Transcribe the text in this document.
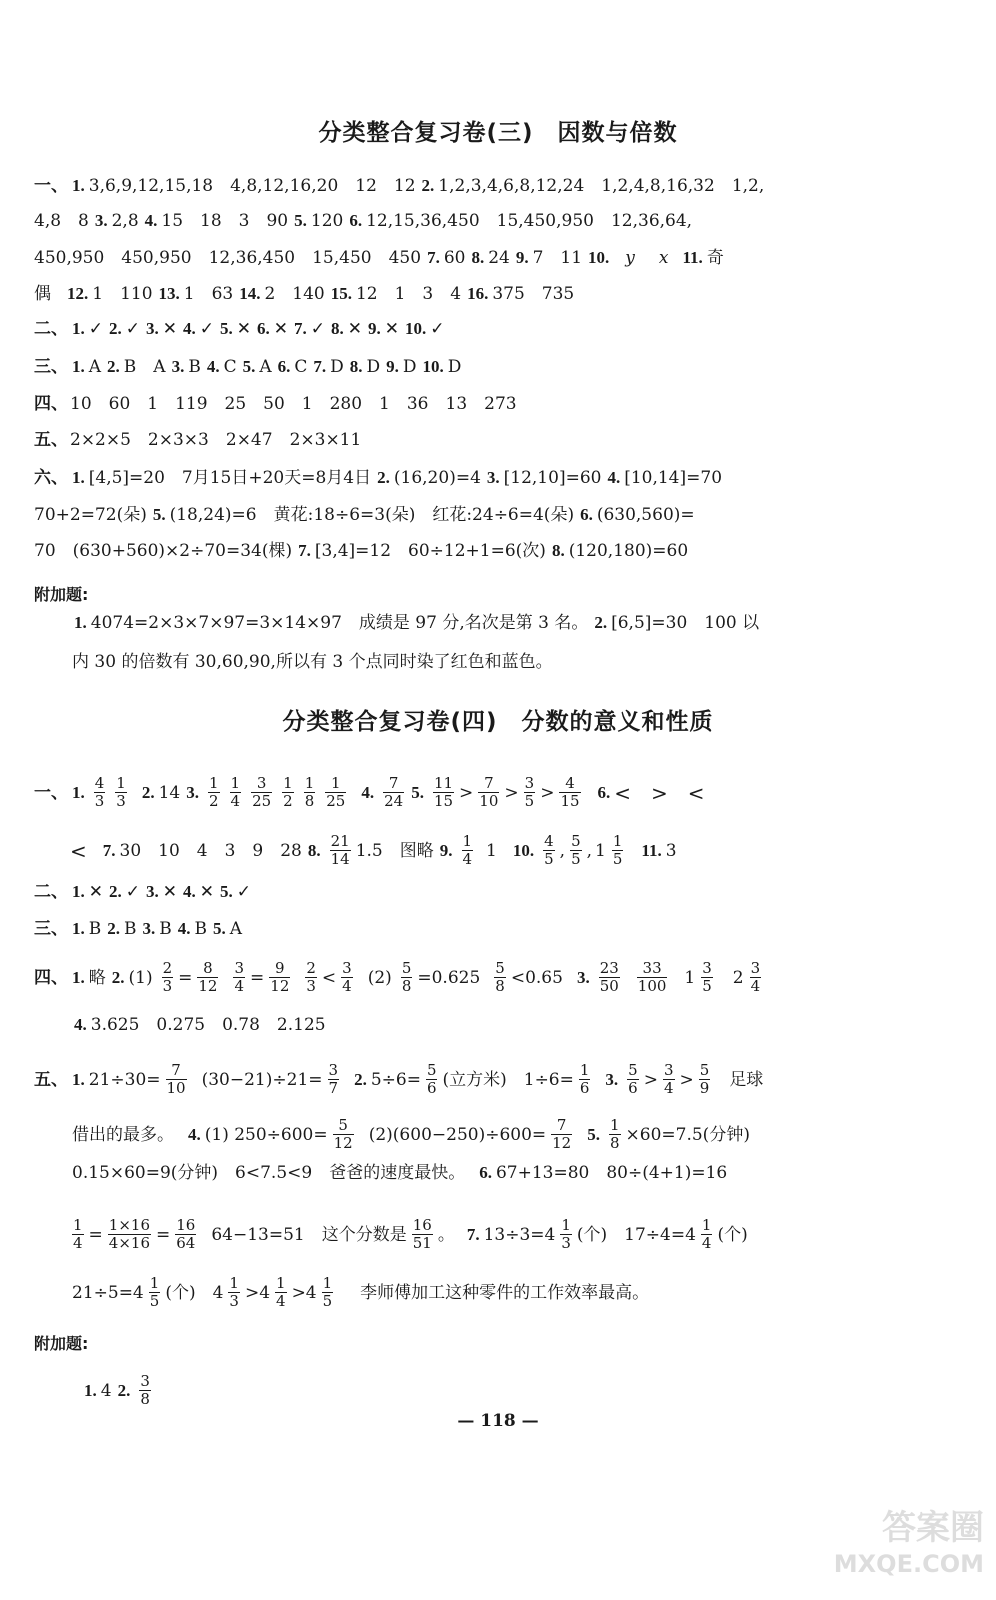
分类整合复习卷(三)　因数与倍数
一、 1. 3,6,9,12,15,18　4,8,12,16,20　12　12 2. 1,2,3,4,6,8,12,24　1,2,4,8,16,32　1,2,
4,8　8 3. 2,8 4. 15　18　3　90 5. 120 6. 12,15,36,450　15,450,950　12,36,64,
450,950　450,950　12,36,450　15,450　450 7. 60 8. 24 9. 7　11 10. y x 11. 奇
偶 12. 1　110 13. 1　63 14. 2　140 15. 12　1　3　4 16. 375　735
二、 1. ✓ 2. ✓ 3. ✕ 4. ✓ 5. ✕ 6. ✕ 7. ✓ 8. ✕ 9. ✕ 10. ✓
三、 1. A 2. B　A 3. B 4. C 5. A 6. C 7. D 8. D 9. D 10. D
四、 10　60　1　119　25　50　1　280　1　36　13　273
五、 2×2×5　2×3×3　2×47　2×3×11
六、 1. [4,5]=20　7月15日+20天=8月4日 2. (16,20)=4 3. [12,10]=60 4. [10,14]=70
70+2=72(朵) 5. (18,24)=6　黄花:18÷6=3(朵)　红花:24÷6=4(朵) 6. (630,560)=
70　(630+560)×2÷70=34(棵) 7. [3,4]=12　60÷12+1=6(次) 8. (120,180)=60
附加题:
1. 4074=2×3×7×97=3×14×97　成绩是 97 分,名次是第 3 名。 2. [6,5]=30　100 以
内 30 的倍数有 30,60,90,所以有 3 个点同时染了红色和蓝色。
分类整合复习卷(四)　分数的意义和性质
一、 1. 4
3
1
3 2. 14 3. 1
2
1
4
3
25
1
2
1
8
1
25 4. 7
24 5. 11
15 > 7
10 > 3
5 > 4
15 6. <　>　<
< 7. 30　10　4　3　9　28 8. 21
14 1.5　图略 9. 1
4 1 10. 4
5 , 5
5 , 1 1
5 11. 3
二、 1. ✕ 2. ✓ 3. ✕ 4. ✕ 5. ✓
三、 1. B 2. B 3. B 4. B 5. A
四、 1. 略 2. $(1) \frac{2}{3} = \frac{8}{12} \frac{3}{4} = \frac{9}{12} 2$
3 < 3
4 $(2) \frac{5}{8} =0.625$ 5
8 <0.65 3. 23
50
33
100 1 3
5 2 3
4
4. 3.625　0.275　0.78　2.125
五、 1. $21\div 30= \frac{7}{10} (30-21)\div 21= \frac{3}{7} 2$. $5\div 6= \frac{5}{6}$ (立方米)　$1\div 6= \frac{1}{6} 3$. 5
6 > 3
4 > 5
9 足球
借出的最多。 4. (1) $250\div 600= \frac{5}{12} (2)(600-250)\div 600= \frac{7}{12} 5$. $\frac{1}{8} \times 60=7.5$(分钟)
0.15×60=9(分钟)　6<7.5<9　爸爸的速度最快。 6. 67+13=80　80÷(4+1)=16
$\frac{1}{4} = \frac{1\times 16}{4\times 16} = \frac{16}{64} 64-13=51$　这个分数是 16
51 。 7. 13÷3=4 1
3 (个)　17÷4=4 1
4 (个)
21÷5=4 1
5 (个)　4 1
3 >4 1
4 >4 1
5 李师傅加工这种零件的工作效率最高。
附加题:
1. 4 2. 3
8
— 118 —
答案圈
MXQE.COM
